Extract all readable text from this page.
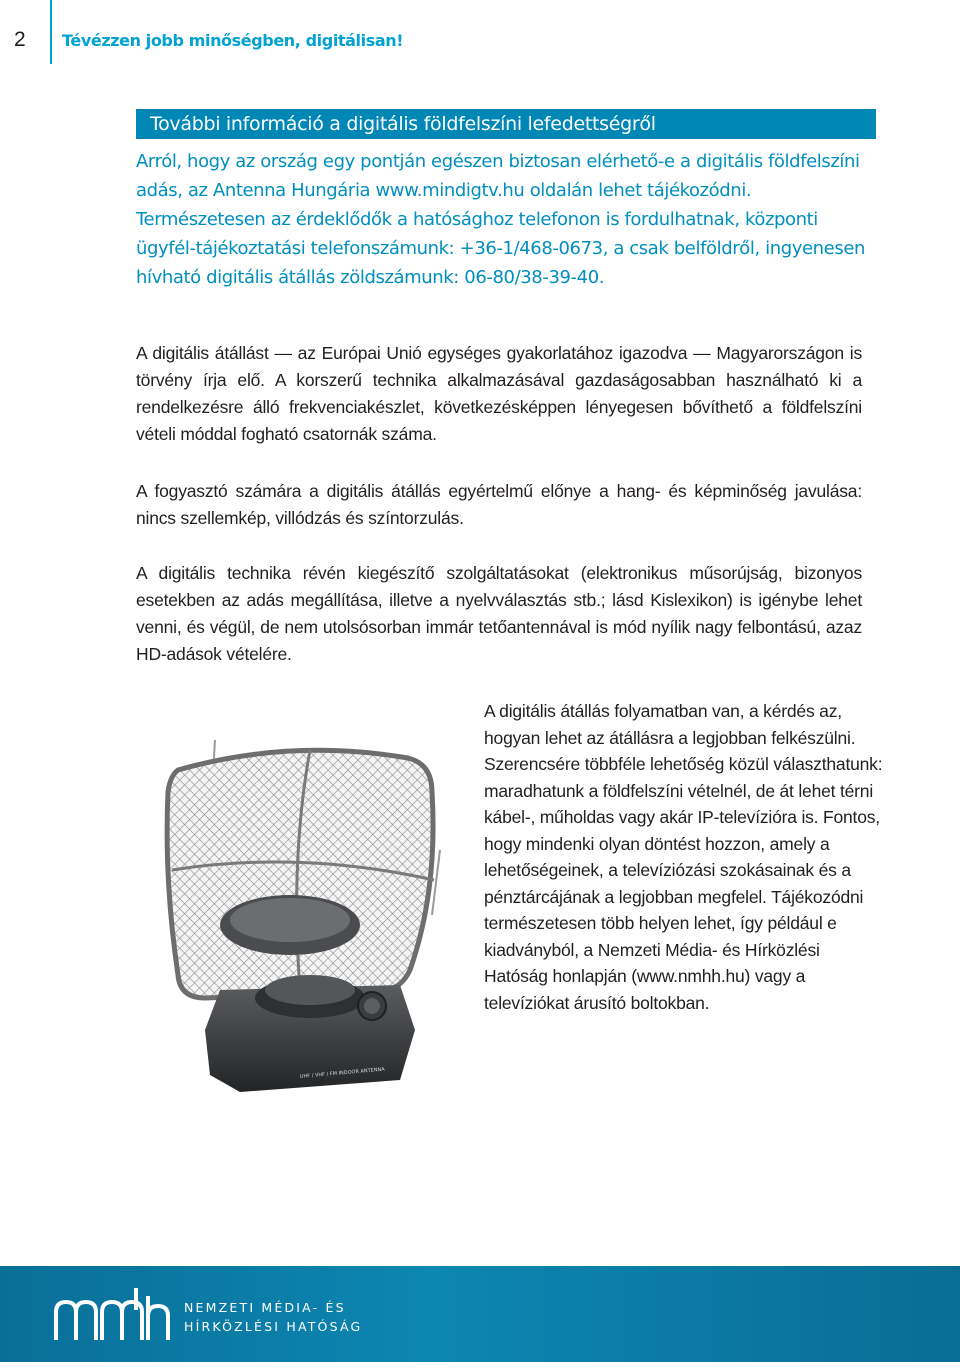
2 Tévézzen jobb minőségben, digitálisan!
További információ a digitális földfelszíni lefedettségről

Arról, hogy az ország egy pontján egészen biztosan elérhető-e a digitális földfelszíni adás, az Antenna Hungária www.mindigtv.hu oldalán lehet tájékozódni. Természetesen az érdeklődők a hatósághoz telefonon is fordulhatnak, központi ügyfél-tájékoztatási telefonszámunk: +36-1/468-0673, a csak belföldről, ingyenesen hívható digitális átállás zöldszámunk: 06-80/38-39-40.

A digitális átállást — az Európai Unió egységes gyakorlatához igazodva — Magyarországon is törvény írja elő. A korszerű technika alkalmazásával gazdaságosabban használható ki a rendelkezésre álló frekvenciakészlet, következésképpen lényegesen bővíthető a földfelszíni vételi móddal fogható csatornák száma.

A fogyasztó számára a digitális átállás egyértelmű előnye a hang- és képminőség javulása: nincs szellemkép, villódzás és színtorzulás.

A digitális technika révén kiegészítő szolgáltatásokat (elektronikus műsorújság, bizonyos esetekben az adás megállítása, illetve a nyelvválasztás stb.; lásd Kislexikon) is igénybe lehet venni, és végül, de nem utolsósorban immár tetőantennával is mód nyílik nagy felbontású, azaz HD-adások vételére.

A digitális átállás folyamatban van, a kérdés az, hogyan lehet az átállásra a legjobban felkészülni. Szerencsére többféle lehetőség közül választhatunk: maradhatunk a földfelszíni vételnél, de át lehet térni kábel-, műholdas vagy akár IP-televízióra is. Fontos, hogy mindenki olyan döntést hozzon, amely a lehetőségeinek, a televíziózási szokásainak és a pénztárcájának a legjobban megfelel. Tájékozódni természetesen több helyen lehet, így például e kiadványból, a Nemzeti Média- és Hírközlési Hatóság honlapján (www.nmhh.hu) vagy a televíziókat árusító boltokban.

UHF / VHF / FM INDOOR ANTENNA
nmhh
NEMZETI MÉDIA- ÉS
HÍRKÖZLÉSI HATÓSÁG
